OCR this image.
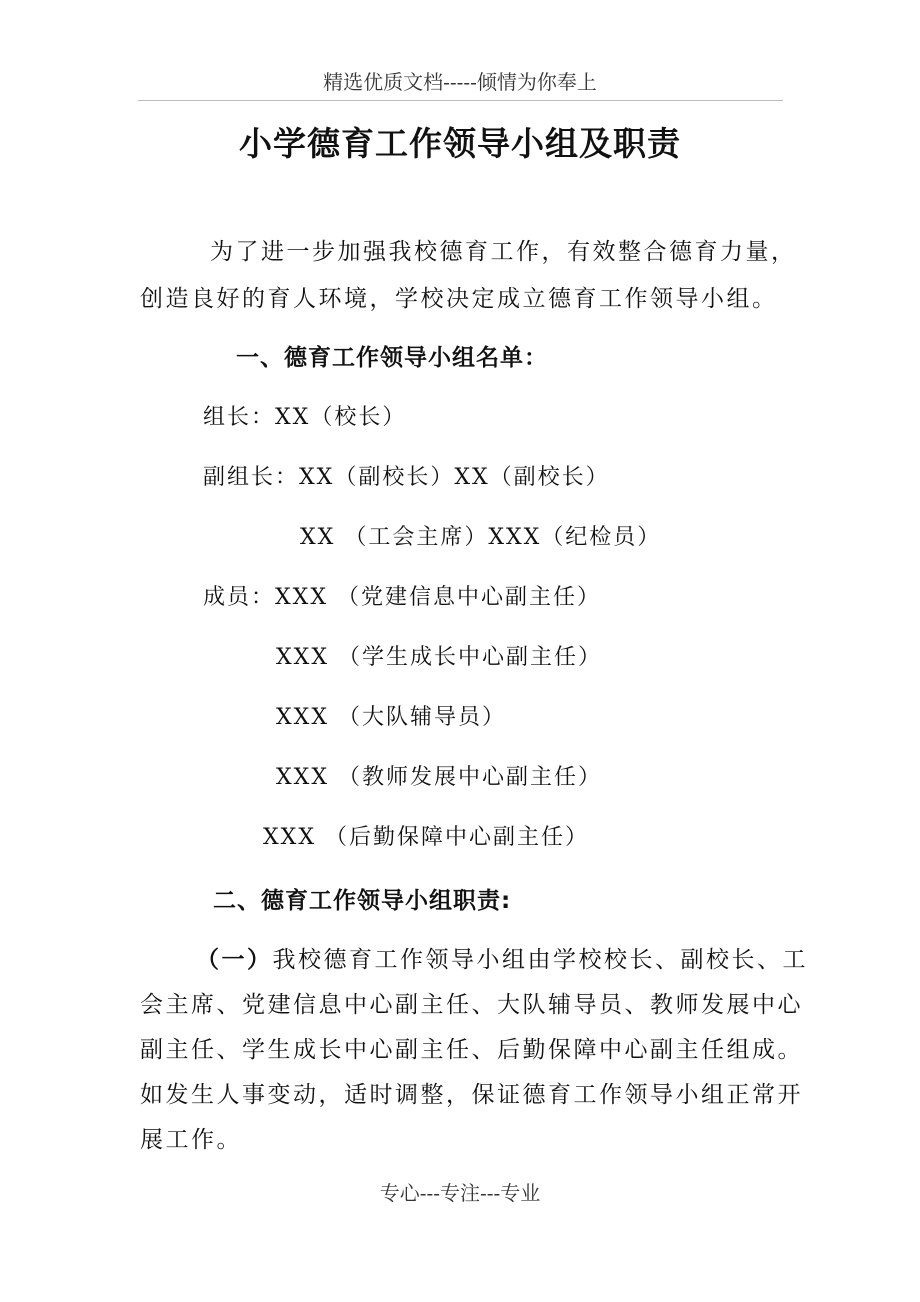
精选优质文档-----倾情为你奉上
小学德育工作领导小组及职责
为了进一步加强我校德育工作，有效整合德育力量，
创造良好的育人环境，学校决定成立德育工作领导小组。
一、德育工作领导小组名单：
组长：XX（校长）
副组长：XX（副校长）XX（副校长）
XX （工会主席）XXX（纪检员）
成员：XXX （党建信息中心副主任）
XXX （学生成长中心副主任）
XXX （大队辅导员）
XXX （教师发展中心副主任）
XXX （后勤保障中心副主任）
二、德育工作领导小组职责:
（一）我校德育工作领导小组由学校校长、副校长、工
会主席、党建信息中心副主任、大队辅导员、教师发展中心
副主任、学生成长中心副主任、后勤保障中心副主任组成。
如发生人事变动，适时调整，保证德育工作领导小组正常开
展工作。
专心---专注---专业
